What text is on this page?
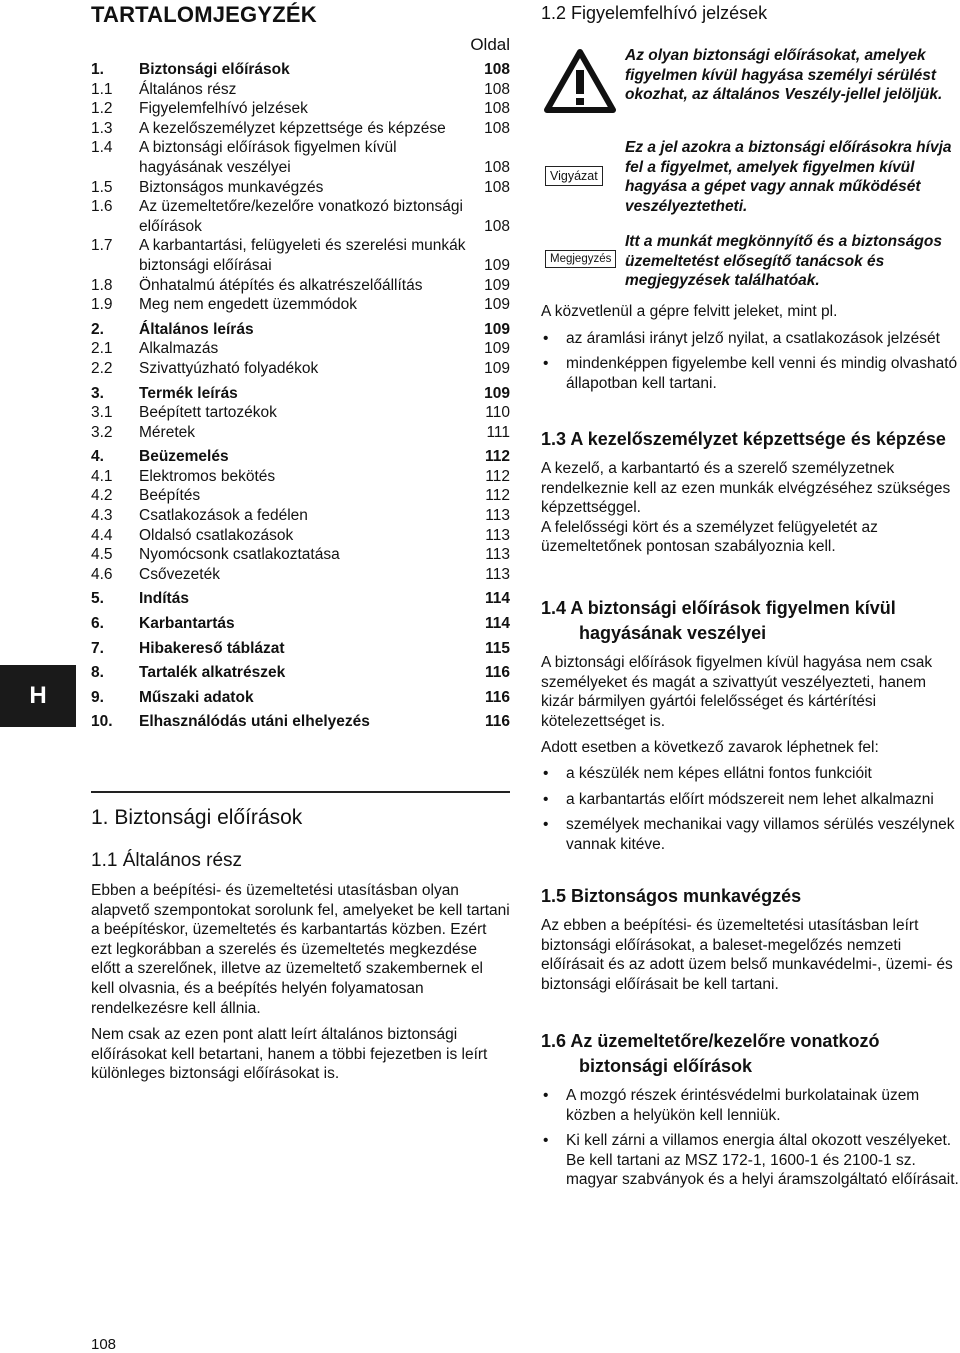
H
TARTALOMJEGYZÉK
Oldal
1.	Biztonsági előírások	108
1.1	Általános rész	108
1.2	Figyelemfelhívó jelzések	108
1.3	A kezelőszemélyzet képzettsége és képzése	108
1.4	A biztonsági előírások figyelmen kívül hagyásának veszélyei	108
1.5	Biztonságos munkavégzés	108
1.6	Az üzemeltetőre/kezelőre vonatkozó biztonsági előírások	108
1.7	A karbantartási, felügyeleti és szerelési munkák biztonsági előírásai	109
1.8	Önhatalmú átépítés és alkatrészelőállítás	109
1.9	Meg nem engedett üzemmódok	109
2.	Általános leírás	109
2.1	Alkalmazás	109
2.2	Szivattyúzható folyadékok	109
3.	Termék leírás	109
3.1	Beépített tartozékok	110
3.2	Méretek	111
4.	Beüzemelés	112
4.1	Elektromos bekötés	112
4.2	Beépítés	112
4.3	Csatlakozások a fedélen	113
4.4	Oldalsó csatlakozások	113
4.5	Nyomócsonk csatlakoztatása	113
4.6	Csővezeték	113
5.	Indítás	114
6.	Karbantartás	114
7.	Hibakereső táblázat	115
8.	Tartalék alkatrészek	116
9.	Műszaki adatok	116
10.	Elhasználódás utáni elhelyezés	116
1. Biztonsági előírások
1.1 Általános rész

Ebben a beépítési- és üzemeltetési utasításban olyan alapvető szempontokat sorolunk fel, amelyeket be kell tartani a beépítéskor, üzemeltetés és karbantartás közben. Ezért ezt legkorábban a szerelés és üzemeltetés megkezdése előtt a szerelőnek, illetve az üzemeltető szakembernek el kell olvasnia, és a beépítés helyén folyamatosan rendelkezésre kell állnia.

Nem csak az ezen pont alatt leírt általános biztonsági előírásokat kell betartani, hanem a többi fejezetben is leírt különleges biztonsági előírásokat is.

1.2 Figyelemfelhívó jelzések
Az olyan biztonsági előírásokat, amelyek figyelmen kívül hagyása személyi sérülést okozhat, az általános Veszély-jellel jelöljük.
Vigyázat
Ez a jel azokra a biztonsági előírásokra hívja fel a figyelmet, amelyek figyelmen kívül hagyása a gépet vagy annak működését veszélyeztetheti.
Megjegyzés
Itt a munkát megkönnyítő és a biztonságos üzemeltetést elősegítő tanácsok és megjegyzések találhatóak.

A közvetlenül a gépre felvitt jeleket, mint pl.

• az áramlási irányt jelző nyilat, a csatlakozások jelzését
• mindenképpen figyelembe kell venni és mindig olvasható állapotban kell tartani.
1.3 A kezelőszemélyzet képzettsége és képzése

A kezelő, a karbantartó és a szerelő személyzetnek rendelkeznie kell az ezen munkák elvégzéséhez szükséges képzettséggel.

A felelősségi kört és a személyzet felügyeletét az üzemeltetőnek pontosan szabályoznia kell.

1.4 A biztonsági előírások figyelmen kívül hagyásának veszélyei

A biztonsági előírások figyelmen kívül hagyása nem csak személyeket és magát a szivattyút veszélyezteti, hanem kizár bármilyen gyártói felelősséget és kártérítési kötelezettséget is.

Adott esetben a következő zavarok léphetnek fel:

• a készülék nem képes ellátni fontos funkcióit
• a karbantartás előírt módszereit nem lehet alkalmazni
• személyek mechanikai vagy villamos sérülés veszélynek vannak kitéve.
1.5 Biztonságos munkavégzés

Az ebben a beépítési- és üzemeltetési utasításban leírt biztonsági előírásokat, a baleset-megelőzés nemzeti előírásait és az adott üzem belső munkavédelmi-, üzemi- és biztonsági előírásait be kell tartani.

1.6 Az üzemeltetőre/kezelőre vonatkozó biztonsági előírások
• A mozgó részek érintésvédelmi burkolatainak üzem közben a helyükön kell lenniük.
• Ki kell zárni a villamos energia által okozott veszélyeket. Be kell tartani az MSZ 172-1, 1600-1 és 2100-1 sz. magyar szabványok és a helyi áramszolgáltató előírásait.
108
